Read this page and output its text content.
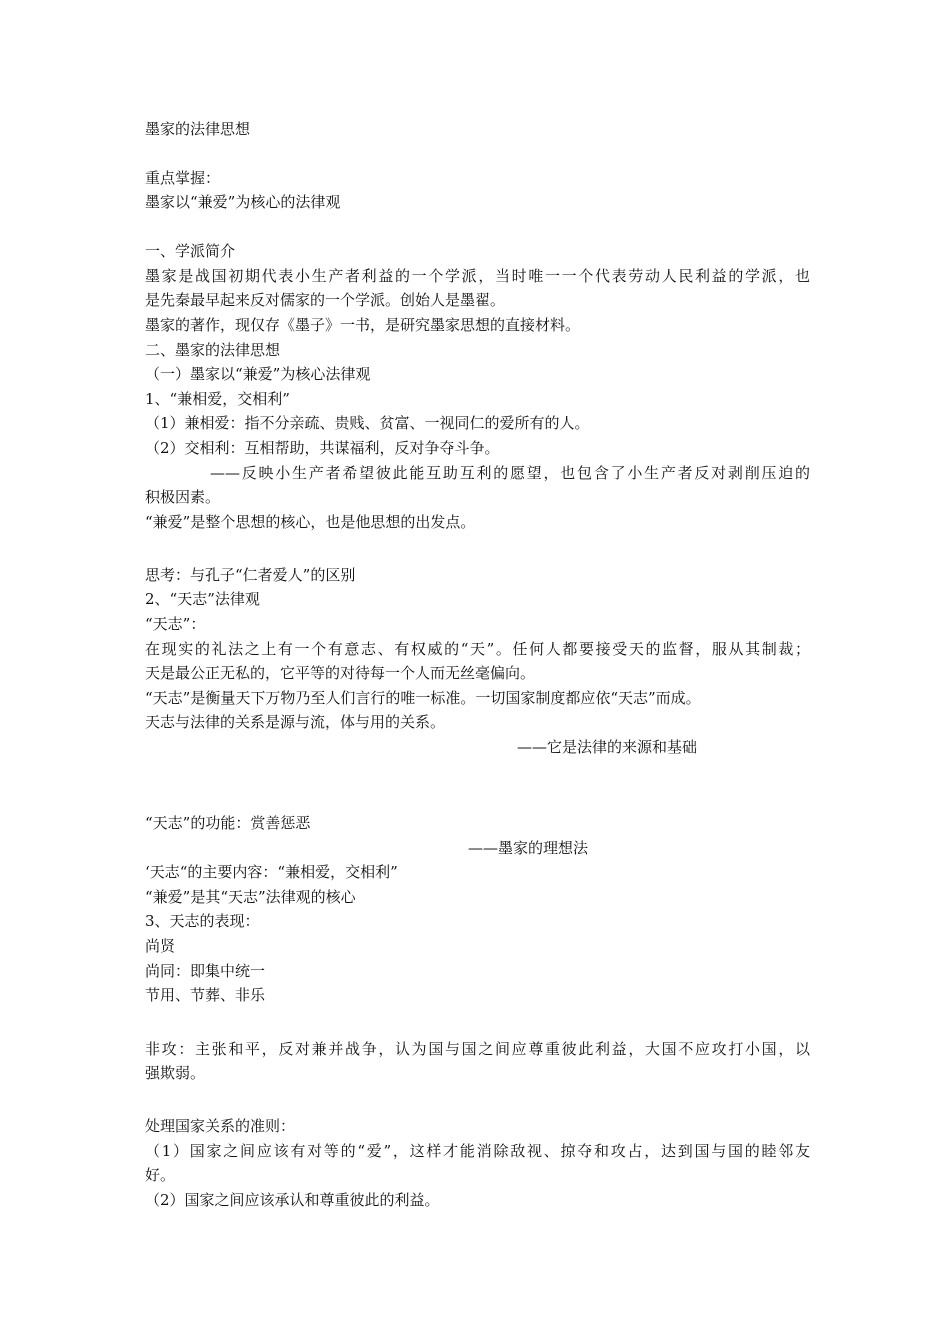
墨家的法律思想

重点掌握：

墨家以“兼爱”为核心的法律观

一、学派简介

墨家是战国初期代表小生产者利益的一个学派，当时唯一一个代表劳动人民利益的学派，也

是先秦最早起来反对儒家的一个学派。创始人是墨翟。

墨家的著作，现仅存《墨子》一书，是研究墨家思想的直接材料。

二、墨家的法律思想

（一）墨家以“兼爱”为核心法律观

1、“兼相爱，交相利”

（1）兼相爱：指不分亲疏、贵贱、贫富、一视同仁的爱所有的人。

（2）交相利：互相帮助，共谋福利，反对争夺斗争。

——反映小生产者希望彼此能互助互利的愿望，也包含了小生产者反对剥削压迫的

积极因素。

“兼爱”是整个思想的核心，也是他思想的出发点。

思考：与孔子“仁者爱人”的区别

2、“天志”法律观

“天志”：

在现实的礼法之上有一个有意志、有权威的“天”。任何人都要接受天的监督，服从其制裁；

天是最公正无私的，它平等的对待每一个人而无丝毫偏向。

“天志”是衡量天下万物乃至人们言行的唯一标准。一切国家制度都应依“天志”而成。

天志与法律的关系是源与流，体与用的关系。

——它是法律的来源和基础

“天志”的功能：赏善惩恶

——墨家的理想法

‘天志“的主要内容：“兼相爱，交相利”

“兼爱”是其“天志”法律观的核心

3、天志的表现：

尚贤

尚同：即集中统一

节用、节葬、非乐

非攻：主张和平，反对兼并战争，认为国与国之间应尊重彼此利益，大国不应攻打小国，以

强欺弱。

处理国家关系的准则：

（1）国家之间应该有对等的“爱”，这样才能消除敌视、掠夺和攻占，达到国与国的睦邻友

好。

（2）国家之间应该承认和尊重彼此的利益。
